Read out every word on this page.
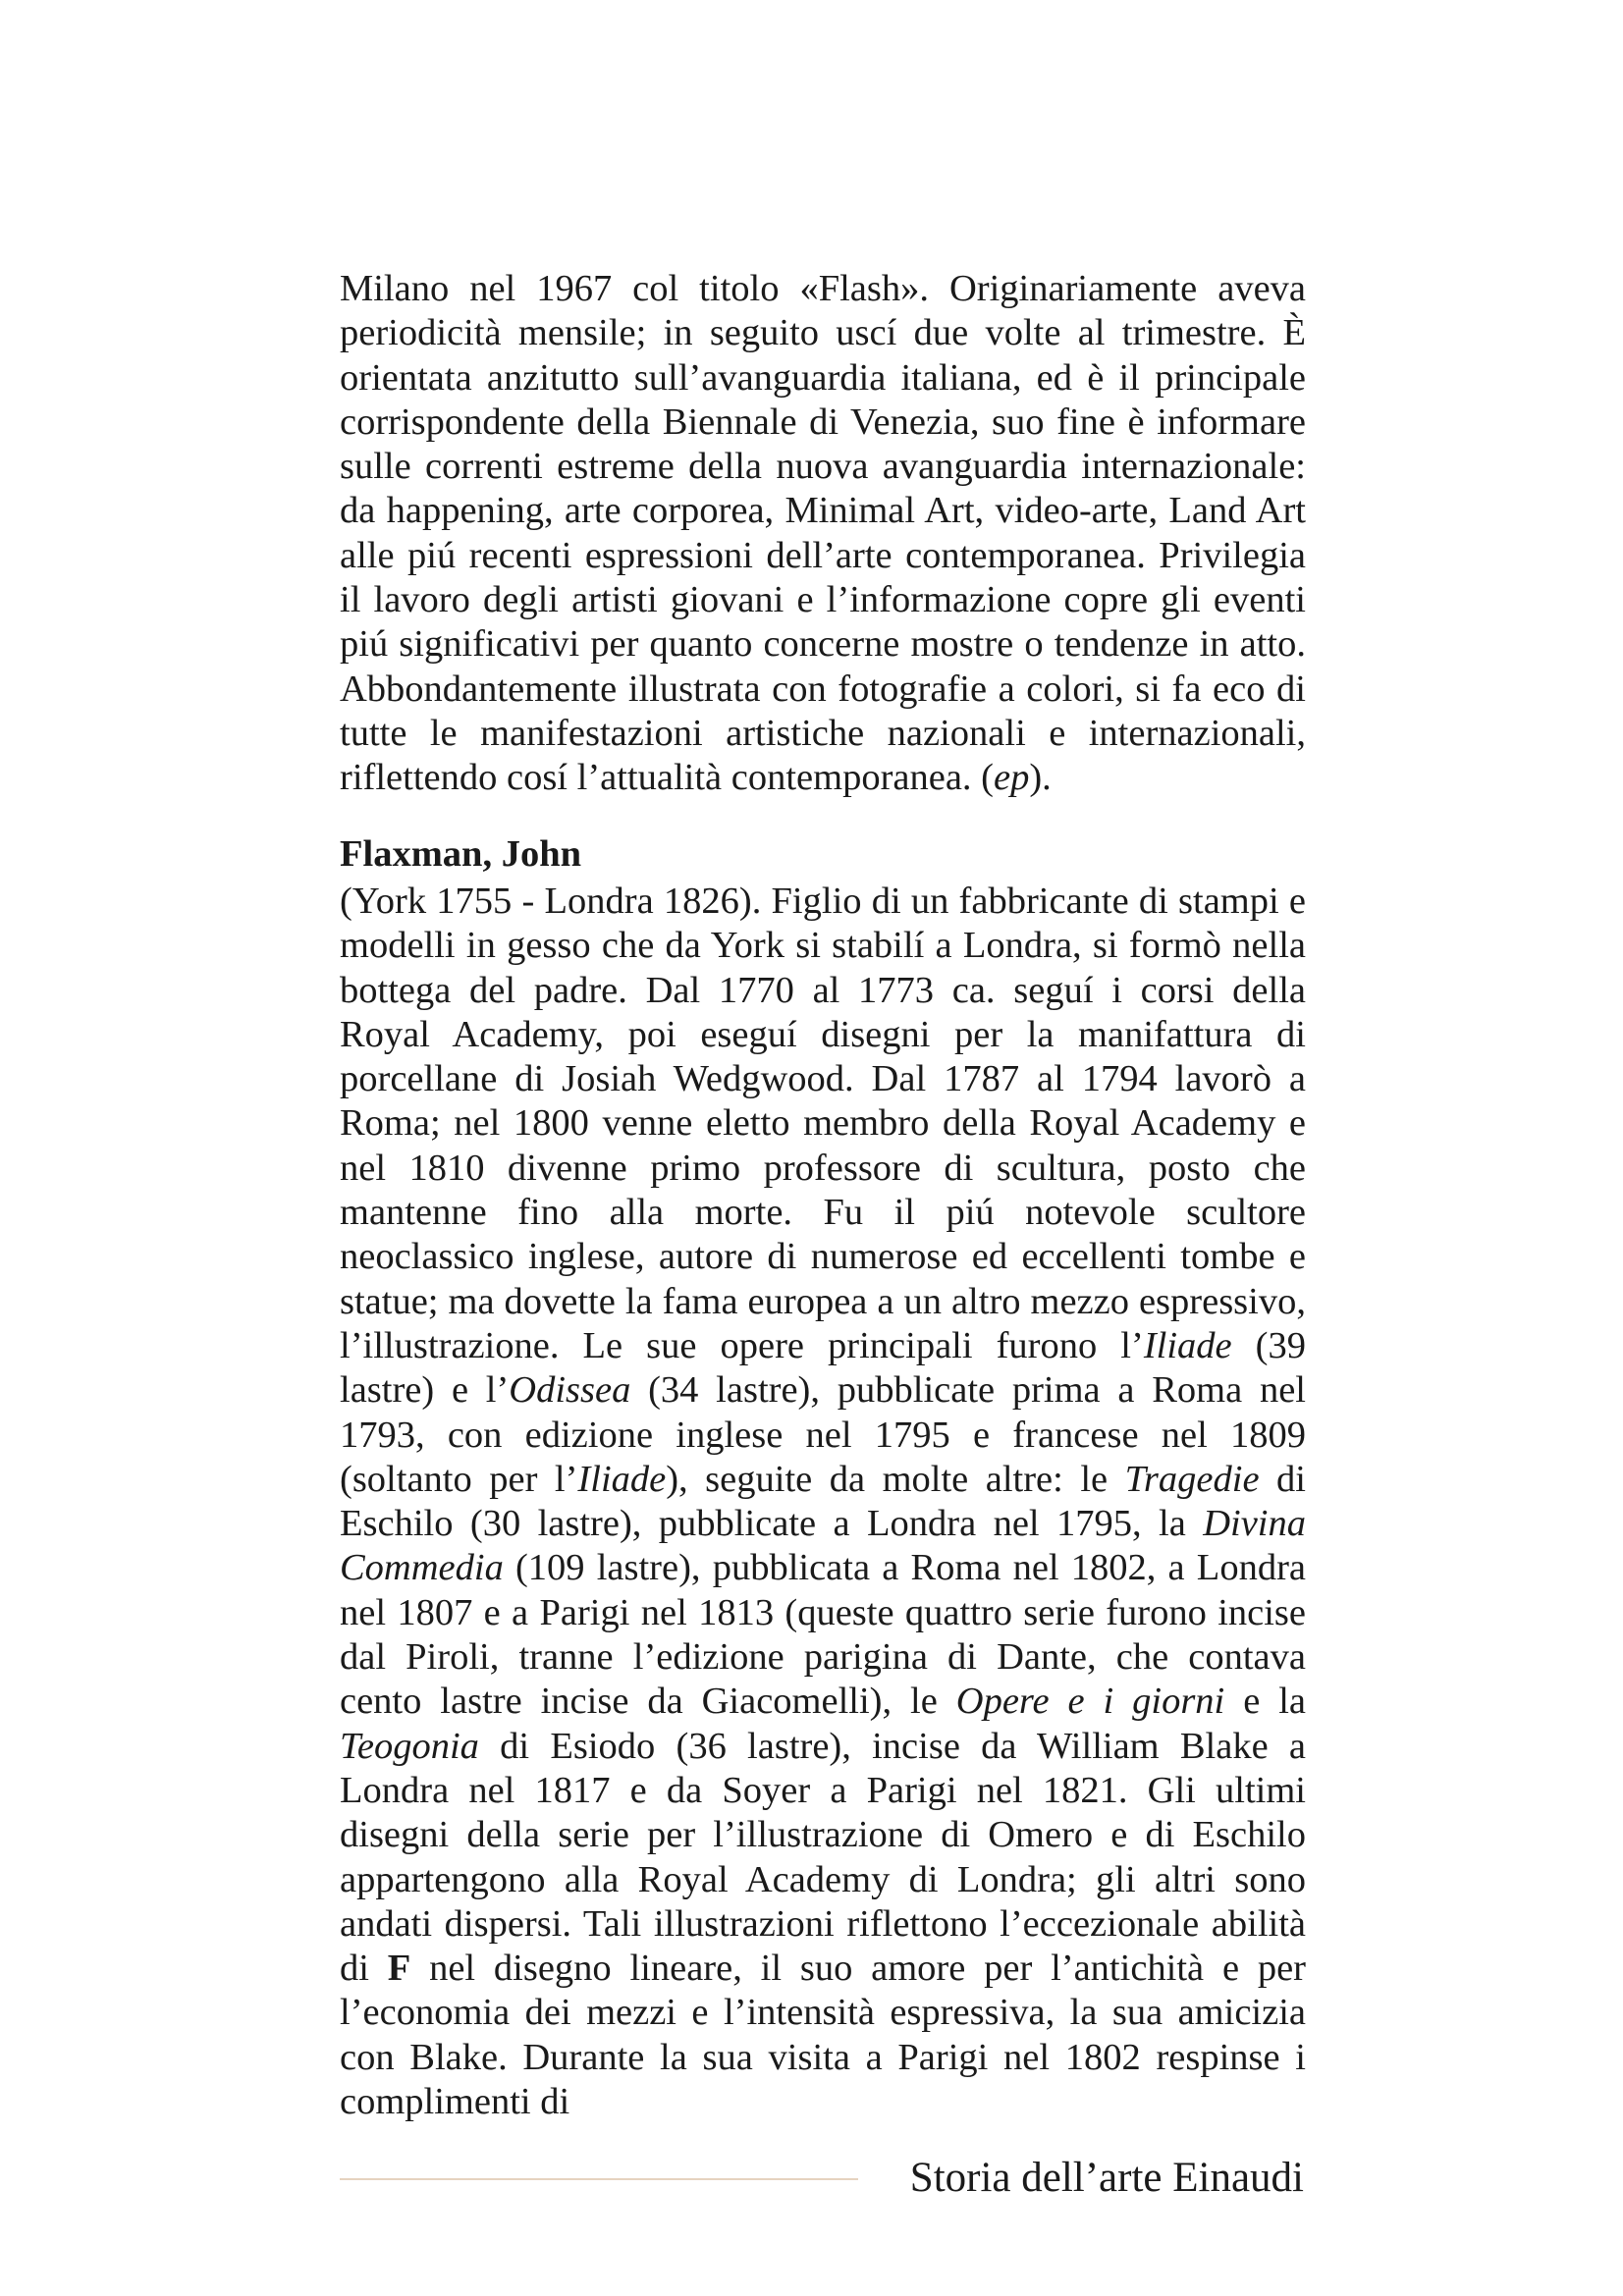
Milano nel 1967 col titolo «Flash». Originariamente aveva periodicità mensile; in seguito uscí due volte al trimestre. È orientata anzitutto sull’avanguardia italiana, ed è il principale corrispondente della Biennale di Venezia, suo fine è informare sulle correnti estreme della nuova avanguardia internazionale: da happening, arte corporea, Minimal Art, video-arte, Land Art alle piú recenti espressioni dell’arte contemporanea. Privilegia il lavoro degli artisti giovani e l’informazione copre gli eventi piú significativi per quanto concerne mostre o tendenze in atto. Abbondantemente illustrata con fotografie a colori, si fa eco di tutte le manifestazioni artistiche nazionali e internazionali, riflettendo cosí l’attualità contemporanea. (ep).

Flaxman, John

(York 1755 - Londra 1826). Figlio di un fabbricante di stampi e modelli in gesso che da York si stabilí a Londra, si formò nella bottega del padre. Dal 1770 al 1773 ca. seguí i corsi della Royal Academy, poi eseguí disegni per la manifattura di porcellane di Josiah Wedgwood. Dal 1787 al 1794 lavorò a Roma; nel 1800 venne eletto membro della Royal Academy e nel 1810 divenne primo professore di scultura, posto che mantenne fino alla morte. Fu il piú notevole scultore neoclassico inglese, autore di numerose ed eccellenti tombe e statue; ma dovette la fama europea a un altro mezzo espressivo, l’illustrazione. Le sue opere principali furono l’Iliade (39 lastre) e l’Odissea (34 lastre), pubblicate prima a Roma nel 1793, con edizione inglese nel 1795 e francese nel 1809 (soltanto per l’Iliade), seguite da molte altre: le Tragedie di Eschilo (30 lastre), pubblicate a Londra nel 1795, la Divina Commedia (109 lastre), pubblicata a Roma nel 1802, a Londra nel 1807 e a Parigi nel 1813 (queste quattro serie furono incise dal Piroli, tranne l’edizione parigina di Dante, che contava cento lastre incise da Giacomelli), le Opere e i giorni e la Teogonia di Esiodo (36 lastre), incise da William Blake a Londra nel 1817 e da Soyer a Parigi nel 1821. Gli ultimi disegni della serie per l’illustrazione di Omero e di Eschilo appartengono alla Royal Academy di Londra; gli altri sono andati dispersi. Tali illustrazioni riflettono l’eccezionale abilità di F nel disegno lineare, il suo amore per l’antichità e per l’economia dei mezzi e l’intensità espressiva, la sua amicizia con Blake. Durante la sua visita a Parigi nel 1802 respinse i complimenti di

Storia dell’arte Einaudi
